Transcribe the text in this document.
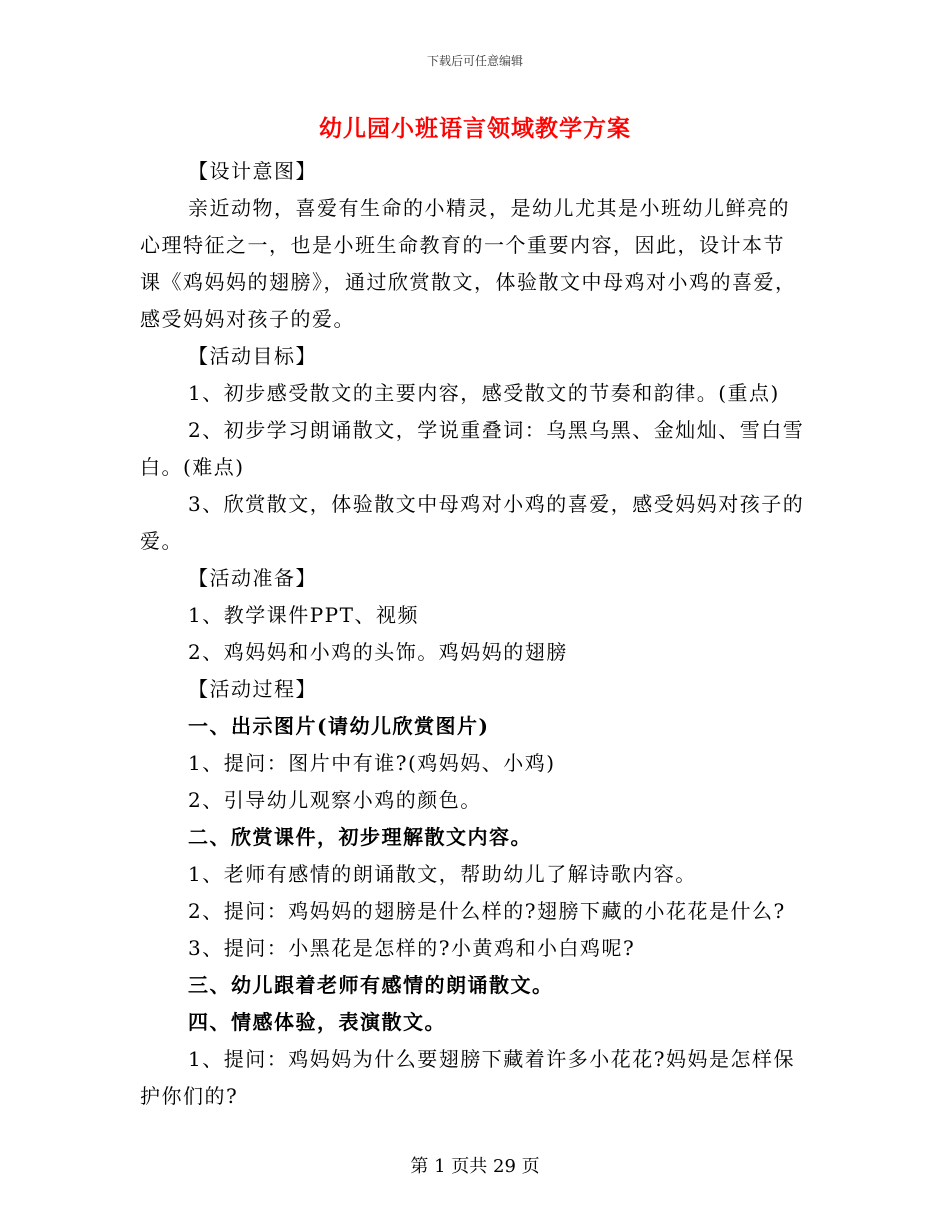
下载后可任意编辑
幼儿园小班语言领域教学方案

【设计意图】

亲近动物，喜爱有生命的小精灵，是幼儿尤其是小班幼儿鲜亮的

心理特征之一，也是小班生命教育的一个重要内容，因此，设计本节

课《鸡妈妈的翅膀》，通过欣赏散文，体验散文中母鸡对小鸡的喜爱，

感受妈妈对孩子的爱。

【活动目标】

1、初步感受散文的主要内容，感受散文的节奏和韵律。(重点)

2、初步学习朗诵散文，学说重叠词：乌黑乌黑、金灿灿、雪白雪

白。(难点)

3、欣赏散文，体验散文中母鸡对小鸡的喜爱，感受妈妈对孩子的

爱。

【活动准备】

1、教学课件PPT、视频

2、鸡妈妈和小鸡的头饰。鸡妈妈的翅膀

【活动过程】

一、出示图片(请幼儿欣赏图片)

1、提问：图片中有谁?(鸡妈妈、小鸡)

2、引导幼儿观察小鸡的颜色。

二、欣赏课件，初步理解散文内容。

1、老师有感情的朗诵散文，帮助幼儿了解诗歌内容。

2、提问：鸡妈妈的翅膀是什么样的?翅膀下藏的小花花是什么?

3、提问：小黑花是怎样的?小黄鸡和小白鸡呢?

三、幼儿跟着老师有感情的朗诵散文。

四、情感体验，表演散文。

1、提问：鸡妈妈为什么要翅膀下藏着许多小花花?妈妈是怎样保

护你们的?

第 1 页共 29 页
